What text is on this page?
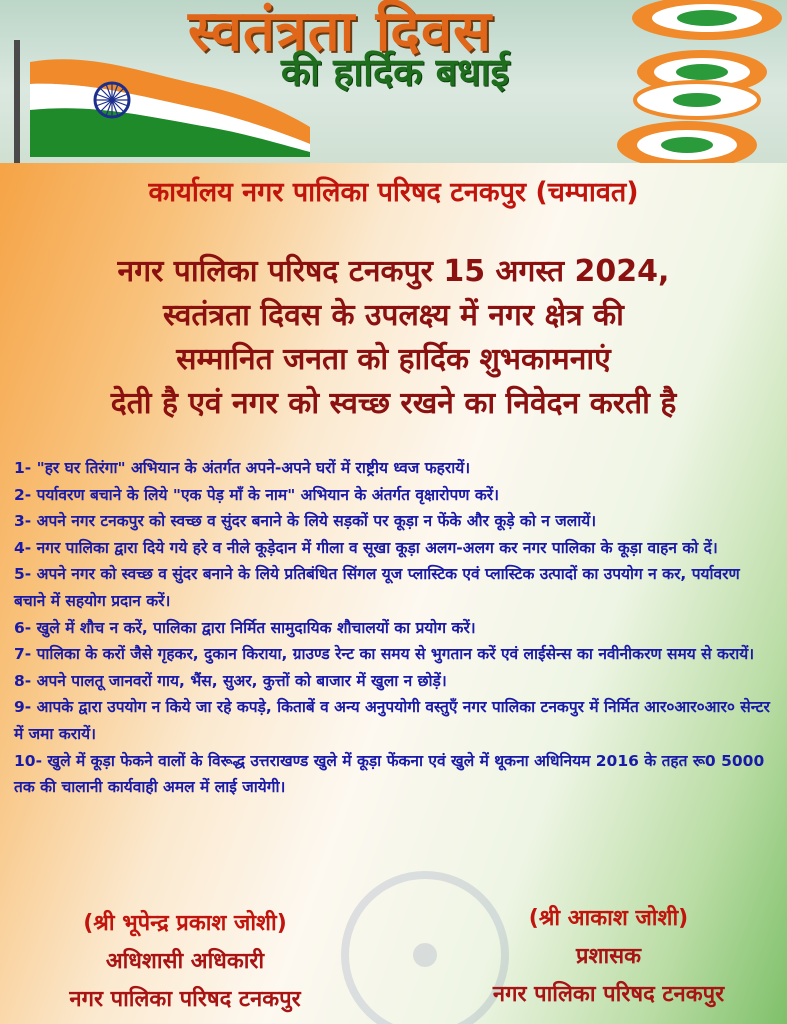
स्वतंत्रता दिवस
की हार्दिक बधाई
कार्यालय नगर पालिका परिषद टनकपुर (चम्पावत)
नगर पालिका परिषद टनकपुर 15 अगस्त 2024,
स्वतंत्रता दिवस के उपलक्ष्य में नगर क्षेत्र की
सम्मानित जनता को हार्दिक शुभकामनाएं
देती है एवं नगर को स्वच्छ रखने का निवेदन करती है

1- "हर घर तिरंगा" अभियान के अंतर्गत अपने-अपने घरों में राष्ट्रीय ध्वज फहरायें।

2- पर्यावरण बचाने के लिये "एक पेड़ माँ के नाम" अभियान के अंतर्गत वृक्षारोपण करें।

3- अपने नगर टनकपुर को स्वच्छ व सुंदर बनाने के लिये सड़कों पर कूड़ा न फेंके और कूड़े को न जलायें।

4- नगर पालिका द्वारा दिये गये हरे व नीले कूड़ेदान में गीला व सूखा कूड़ा अलग-अलग कर नगर पालिका के कूड़ा वाहन को दें।

5- अपने नगर को स्वच्छ व सुंदर बनाने के लिये प्रतिबंधित सिंगल यूज प्लास्टिक एवं प्लास्टिक उत्पादों का उपयोग न कर, पर्यावरण बचाने में सहयोग प्रदान करें।

6- खुले में शौच न करें, पालिका द्वारा निर्मित सामुदायिक शौचालयों का प्रयोग करें।

7- पालिका के करों जैसे गृहकर, दुकान किराया, ग्राउण्ड रेन्ट का समय से भुगतान करें एवं लाईसेन्स का नवीनीकरण समय से करायें।

8- अपने पालतू जानवरों गाय, भैंस, सुअर, कुत्तों को बाजार में खुला न छोड़ें।

9- आपके द्वारा उपयोग न किये जा रहे कपड़े, किताबें व अन्य अनुपयोगी वस्तुएँ नगर पालिका टनकपुर में निर्मित आर०आर०आर० सेन्टर में जमा करायें।

10- खुले में कूड़ा फेकने वालों के विरूद्ध उत्तराखण्ड खुले में कूड़ा फेंकना एवं खुले में थूकना अधिनियम 2016 के तहत रू0 5000 तक की चालानी कार्यवाही अमल में लाई जायेगी।

(श्री भूपेन्द्र प्रकाश जोशी)
अधिशासी अधिकारी
नगर पालिका परिषद टनकपुर
(श्री आकाश जोशी)
प्रशासक
नगर पालिका परिषद टनकपुर
